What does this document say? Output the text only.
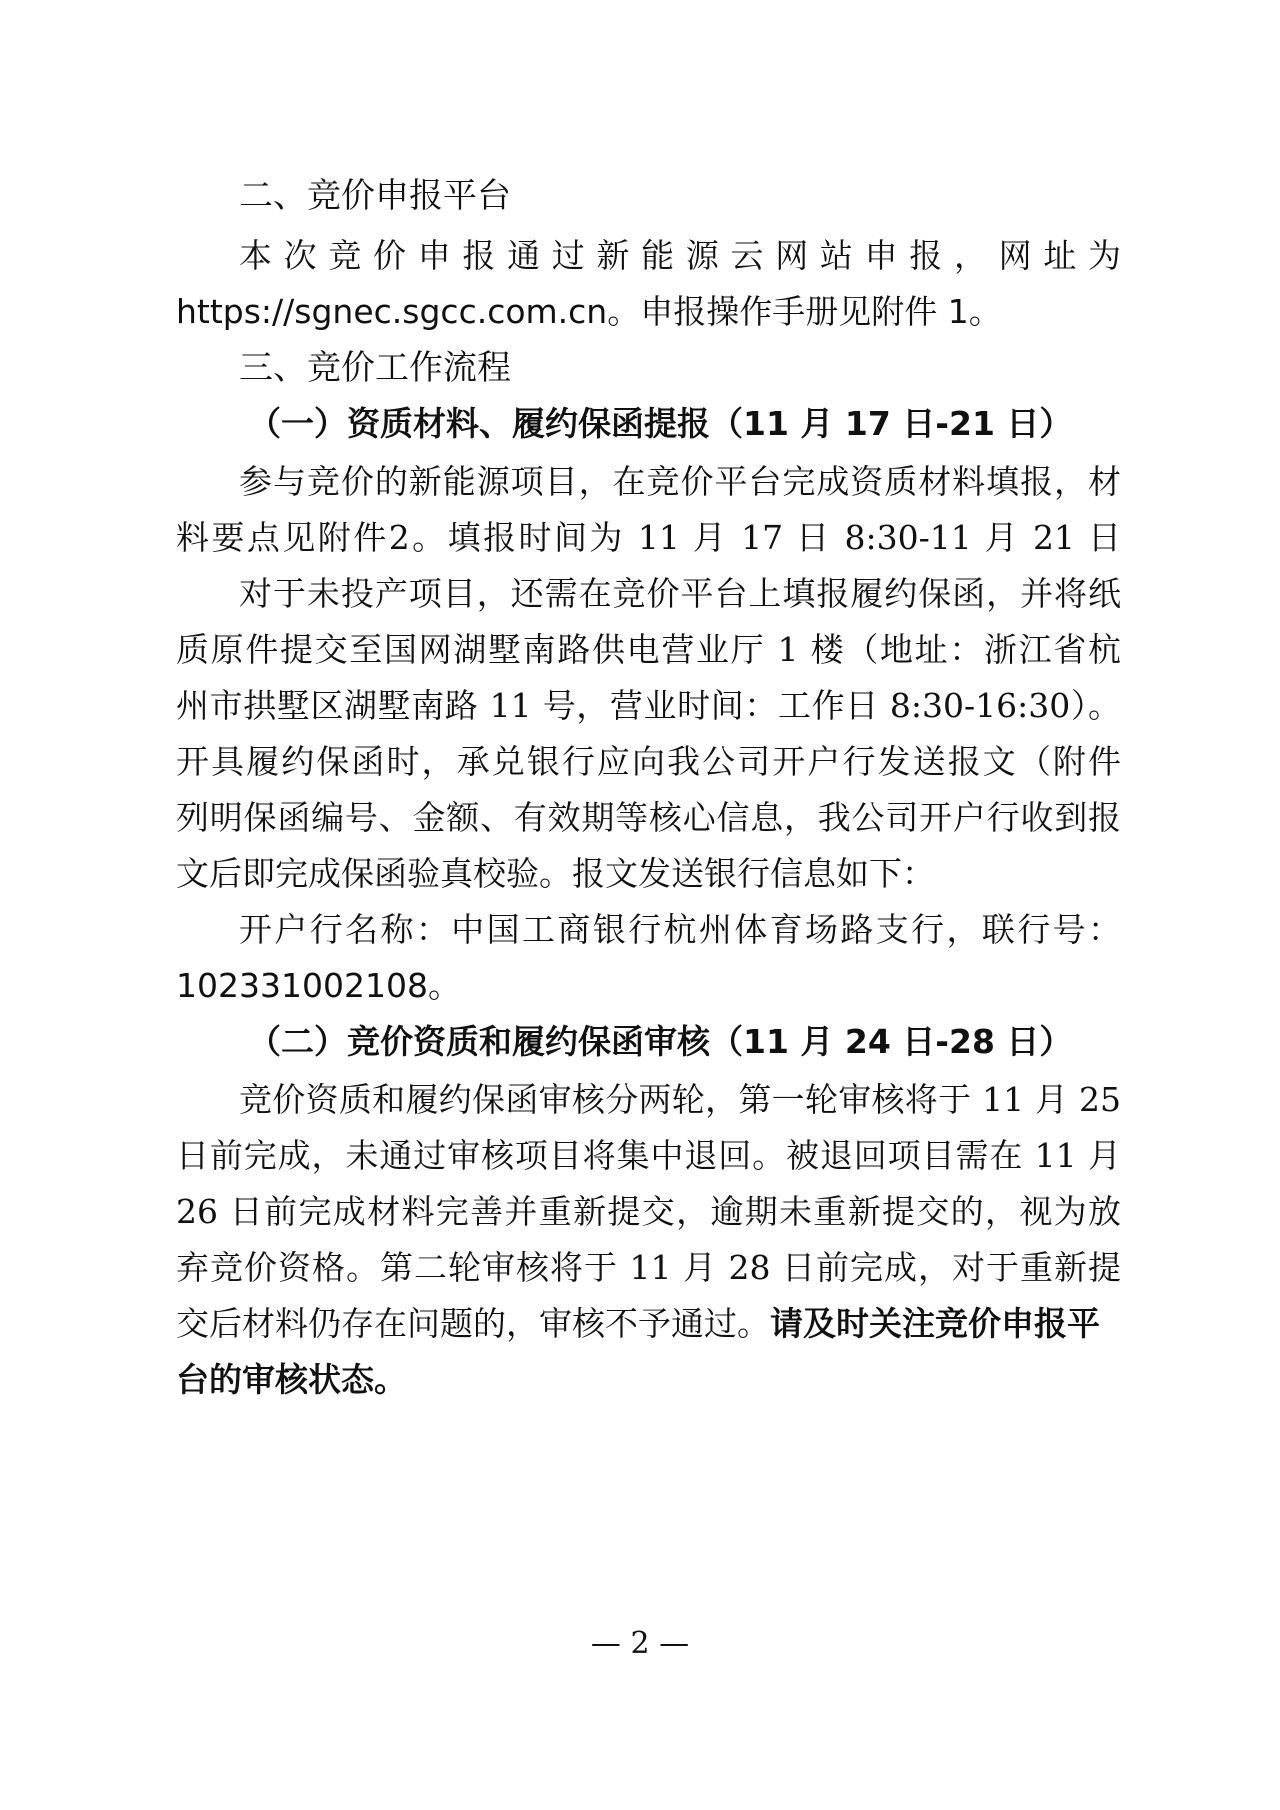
二、竞价申报平台
本次竞价申报通过新能源云网站申报，网址为
https://sgnec.sgcc.com.cn。申报操作手册见附件 1。
三、竞价工作流程
（一）资质材料、履约保函提报（11 月 17 日-21 日）
参与竞价的新能源项目，在竞价平台完成资质材料填报，材
料要点见附件2。填报时间为 11 月 17 日 8:30-11 月 21 日
对于未投产项目，还需在竞价平台上填报履约保函，并将纸
质原件提交至国网湖墅南路供电营业厅 1 楼（地址：浙江省杭
州市拱墅区湖墅南路 11 号，营业时间：工作日 8:30-16:30）。
开具履约保函时，承兑银行应向我公司开户行发送报文（附件
列明保函编号、金额、有效期等核心信息，我公司开户行收到报
文后即完成保函验真校验。报文发送银行信息如下：
开户行名称：中国工商银行杭州体育场路支行，联行号：
102331002108。
（二）竞价资质和履约保函审核（11 月 24 日-28 日）
竞价资质和履约保函审核分两轮，第一轮审核将于 11 月 25
日前完成，未通过审核项目将集中退回。被退回项目需在 11 月
26 日前完成材料完善并重新提交，逾期未重新提交的，视为放
弃竞价资格。第二轮审核将于 11 月 28 日前完成，对于重新提
交后材料仍存在问题的，审核不予通过。请及时关注竞价申报平
台的审核状态。
— 2 —
